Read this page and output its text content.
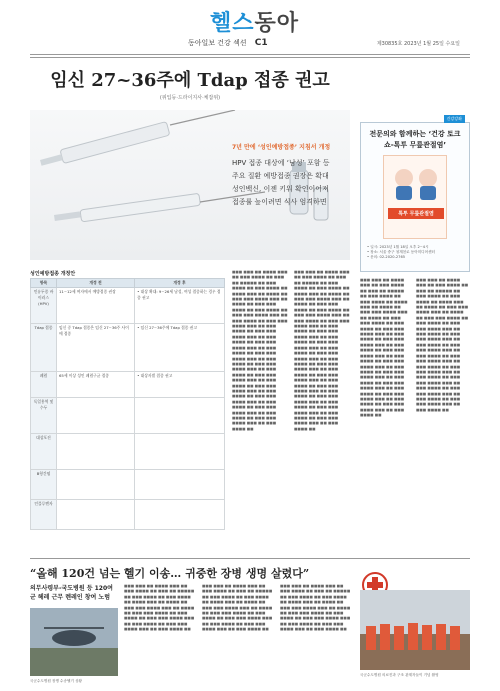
헬스동아
동아일보 건강 섹션 C1	제30835호 2023년 1월 25일 수요일
임신 27~36주에 Tdap 접종 권고
(위입등·드라이지사·체잡위)
7년 만에 ‘성인예방접종’ 지침서 개정
HPV 접종 대상에 ‘남성’ 포함 등
주요 질환 예방접종 권장은 확대
성인백신, 이젠 키워 확인이어져
접종률 높이려면 식사 엄격하면
■■■ ■■■ ■■ ■■■■ ■■■ ■■ ■■■ ■■■■ ■■ ■■■ ■■ ■■■■■ ■■ ■■■ ■■■■ ■■ ■■■ ■■■■ ■■ ■■■■ ■■■ ■■ ■■■■ ■■ ■■■ ■■■ ■■■■ ■■■ ■■ ■■■■ ■■ ■■■ ■■■ ■■■■ ■■ ■■■ ■■■■ ■■ ■■■ ■■■ ■■■■ ■■■ ■■ ■■■ ■■■■ ■■ ■■■ ■■■ ■■■■ ■■■ ■■ ■■■ ■■■■ ■■ ■■■ ■■■ ■■■■ ■■■ ■■ ■■■ ■■■■ ■■ ■■■ ■■■ ■■■■ ■■■ ■■ ■■■ ■■■■ ■■ ■■■ ■■■ ■■■■ ■■■ ■■ ■■■ ■■■■ ■■ ■■■ ■■■ ■■■■ ■■■ ■■ ■■■ ■■■■ ■■ ■■■ ■■■ ■■■■ ■■■ ■■ ■■■ ■■■■ ■■ ■■■ ■■■ ■■■■ ■■■ ■■ ■■■ ■■■■ ■■ ■■■ ■■■ ■■■■ ■■■ ■■ ■■■ ■■■■ ■■ ■■■ ■■■ ■■■■ ■■■ ■■ ■■■ ■■■■ ■■ ■■■ ■■■ ■■■■ ■■■ ■■ ■■■ ■■■■ ■■
■■■ ■■■ ■■ ■■■■ ■■■ ■■ ■■■ ■■■■ ■■ ■■■ ■■ ■■■■■ ■■ ■■■ ■■■■ ■■ ■■■ ■■■■ ■■ ■■■■ ■■■ ■■ ■■■■ ■■ ■■■ ■■■ ■■■■ ■■■ ■■ ■■■■ ■■ ■■■ ■■■ ■■■■ ■■ ■■■ ■■■■ ■■ ■■■ ■■■ ■■■■ ■■■ ■■ ■■■ ■■■■ ■■ ■■■ ■■■ ■■■■ ■■■ ■■ ■■■ ■■■■ ■■ ■■■ ■■■ ■■■■ ■■■ ■■ ■■■ ■■■■ ■■ ■■■ ■■■ ■■■■ ■■■ ■■ ■■■ ■■■■ ■■ ■■■ ■■■ ■■■■ ■■■ ■■ ■■■ ■■■■ ■■ ■■■ ■■■ ■■■■ ■■■ ■■ ■■■ ■■■■ ■■ ■■■ ■■■ ■■■■ ■■■ ■■ ■■■ ■■■■ ■■ ■■■ ■■■ ■■■■ ■■■ ■■ ■■■ ■■■■ ■■ ■■■ ■■■ ■■■■ ■■■ ■■ ■■■ ■■■■ ■■ ■■■ ■■■ ■■■■ ■■■ ■■ ■■■ ■■■■ ■■ ■■■ ■■■ ■■■■ ■■■ ■■ ■■■ ■■■■ ■■
성인예방접종 개정안
항목	개정 전	개정 후
인유두종 바이러스 (HPV)	11~12세 여자에서 예방접종 권장	• 대상 확대: 9~26세 남성, 여성 접종하는 경우 접종 권고
Tdap 접종	임신 중 Tdap 접종은 임신 27~36주 사이에 접종	• 임신 27~36주에 Tdap 접종 권고
폐렴	65세 이상 성인 폐렴구균 접종	• 대상자별 접종 권고
독일홍역 및 수두		
대상포진		
B형간염		
인플루엔자		
건강강좌
전문의와 함께하는 ‘건강 토크쇼-톡투 무릎관절염’
톡투 무릎관절염
• 일시: 2023년 1월 18일 오후 2~4시
• 장소: 서울 중구 청계천로 동아미디어센터
• 문의: 02-2020-2765
■■■ ■■■ ■■ ■■■■ ■■■ ■■ ■■■ ■■■■ ■■ ■■■ ■■ ■■■■■ ■■ ■■■ ■■■■ ■■ ■■■ ■■■■ ■■ ■■■■ ■■■ ■■ ■■■■ ■■ ■■■ ■■■ ■■■■ ■■■ ■■ ■■■■ ■■ ■■■ ■■■ ■■■■ ■■ ■■■ ■■■■ ■■ ■■■ ■■■ ■■■■ ■■■ ■■ ■■■ ■■■■ ■■ ■■■ ■■■ ■■■■ ■■■ ■■ ■■■ ■■■■ ■■ ■■■ ■■■ ■■■■ ■■■ ■■ ■■■ ■■■■ ■■ ■■■ ■■■ ■■■■ ■■■ ■■ ■■■ ■■■■ ■■ ■■■ ■■■ ■■■■ ■■■ ■■ ■■■ ■■■■ ■■ ■■■ ■■■ ■■■■ ■■■ ■■ ■■■ ■■■■ ■■ ■■■ ■■■ ■■■■ ■■■ ■■ ■■■ ■■■■ ■■ ■■■ ■■■ ■■■■ ■■■ ■■ ■■■ ■■■■ ■■
■■■ ■■■ ■■ ■■■■ ■■■ ■■ ■■■ ■■■■ ■■ ■■■ ■■ ■■■■■ ■■ ■■■ ■■■■ ■■ ■■■ ■■■■ ■■ ■■■■ ■■■ ■■ ■■■■ ■■ ■■■ ■■■ ■■■■ ■■■ ■■ ■■■■ ■■ ■■■ ■■■ ■■■■ ■■ ■■■ ■■■■ ■■ ■■■ ■■■ ■■■■ ■■■ ■■ ■■■ ■■■■ ■■ ■■■ ■■■ ■■■■ ■■■ ■■ ■■■ ■■■■ ■■ ■■■ ■■■ ■■■■ ■■■ ■■ ■■■ ■■■■ ■■ ■■■ ■■■ ■■■■ ■■■ ■■ ■■■ ■■■■ ■■ ■■■ ■■■ ■■■■ ■■■ ■■ ■■■ ■■■■ ■■ ■■■ ■■■ ■■■■ ■■■ ■■ ■■■ ■■■■ ■■ ■■■ ■■■ ■■■■ ■■■ ■■ ■■■ ■■■■ ■■ ■■■ ■■■ ■■■■ ■■■ ■■ ■■■ ■■■■ ■■
“올해 120건 넘는 헬기 이송… 귀중한 장병 생명 살렸다”
의무사령부-국도병원 등 120여 군 헤레 근무 렌레인 창여 노럼
국군수도병원 장병 수송헬기 상황
■■■ ■■■ ■■ ■■■■ ■■■ ■■ ■■■ ■■■■ ■■ ■■■ ■■ ■■■■■ ■■ ■■■ ■■■■ ■■ ■■■ ■■■■ ■■ ■■■■ ■■■ ■■ ■■■■ ■■ ■■■ ■■■ ■■■■ ■■■ ■■ ■■■■ ■■ ■■■ ■■■ ■■■■ ■■ ■■■ ■■■■ ■■ ■■■ ■■■ ■■■■ ■■■ ■■ ■■■ ■■■■ ■■ ■■■ ■■■ ■■■■ ■■■ ■■ ■■■ ■■■■ ■■
■■■ ■■■ ■■ ■■■■ ■■■ ■■ ■■■ ■■■■ ■■ ■■■ ■■ ■■■■■ ■■ ■■■ ■■■■ ■■ ■■■ ■■■■ ■■ ■■■■ ■■■ ■■ ■■■■ ■■ ■■■ ■■■ ■■■■ ■■■ ■■ ■■■■ ■■ ■■■ ■■■ ■■■■ ■■ ■■■ ■■■■ ■■ ■■■ ■■■ ■■■■ ■■■ ■■ ■■■ ■■■■ ■■ ■■■ ■■■ ■■■■ ■■■ ■■ ■■■ ■■■■ ■■
■■■ ■■■ ■■ ■■■■ ■■■ ■■ ■■■ ■■■■ ■■ ■■■ ■■ ■■■■■ ■■ ■■■ ■■■■ ■■ ■■■ ■■■■ ■■ ■■■■ ■■■ ■■ ■■■■ ■■ ■■■ ■■■ ■■■■ ■■■ ■■ ■■■■ ■■ ■■■ ■■■ ■■■■ ■■ ■■■ ■■■■ ■■ ■■■ ■■■ ■■■■ ■■■ ■■ ■■■ ■■■■ ■■ ■■■ ■■■ ■■■■ ■■■ ■■ ■■■ ■■■■ ■■
국군수도병원 의료진과 구조 관계자들이 기념 촬영
